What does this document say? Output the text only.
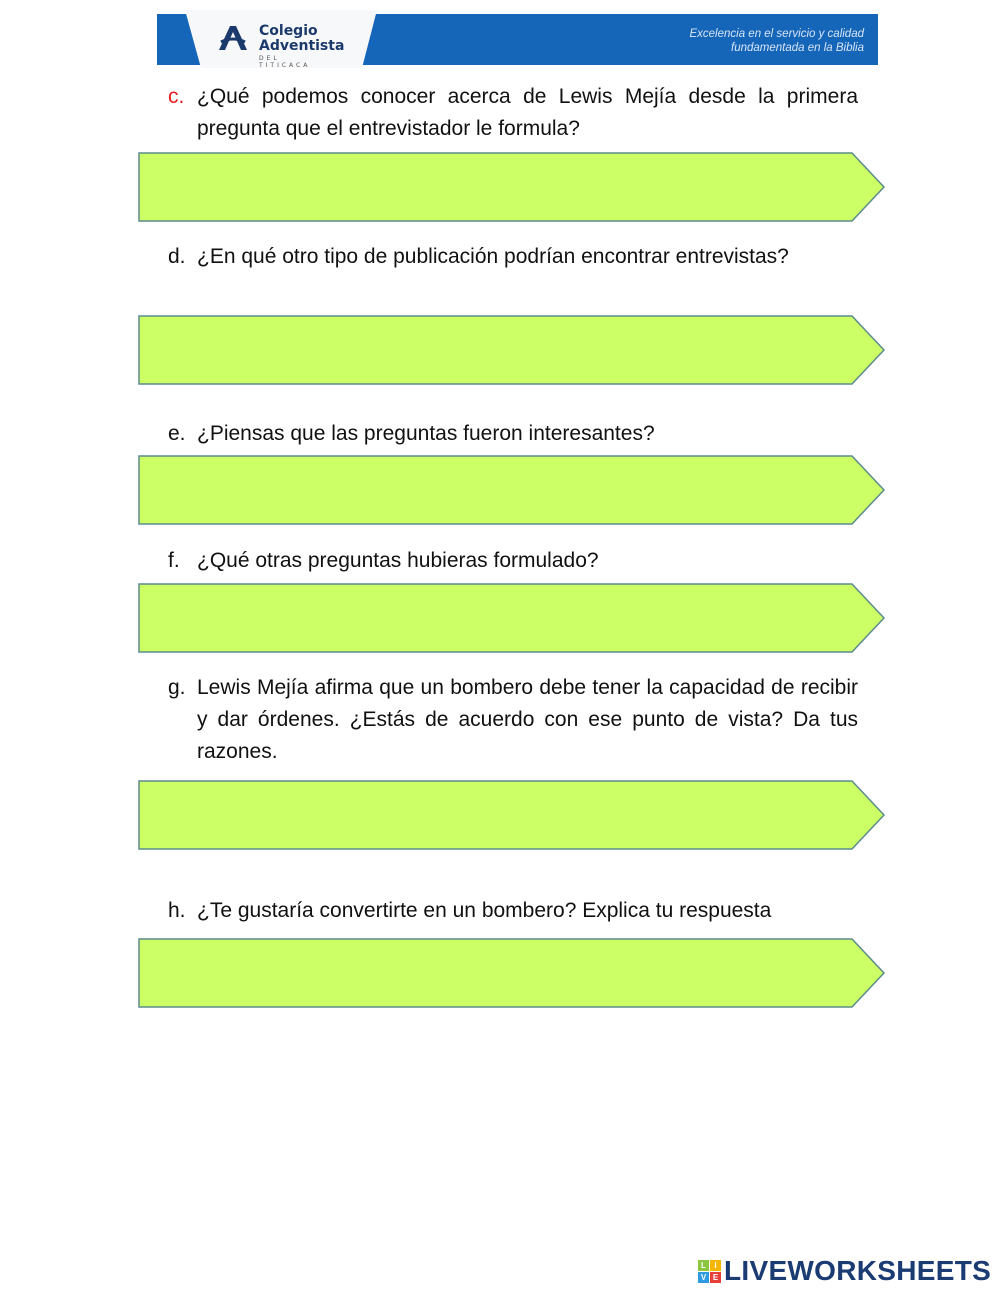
Excelencia en el servicio y calidad
fundamentada en la Biblia
Colegio
Adventista
DEL TITICACA
c. ¿Qué podemos conocer acerca de Lewis Mejía desde la primera pregunta que el entrevistador le formula?
d. ¿En qué otro tipo de publicación podrían encontrar entrevistas?
e. ¿Piensas que las preguntas fueron interesantes?
f. ¿Qué otras preguntas hubieras formulado?
g. Lewis Mejía afirma que un bombero debe tener la capacidad de recibir y dar órdenes. ¿Estás de acuerdo con ese punto de vista? Da tus razones.
h. ¿Te gustaría convertirte en un bombero? Explica tu respuesta
L	I
V E LIVEWORKSHEETS
